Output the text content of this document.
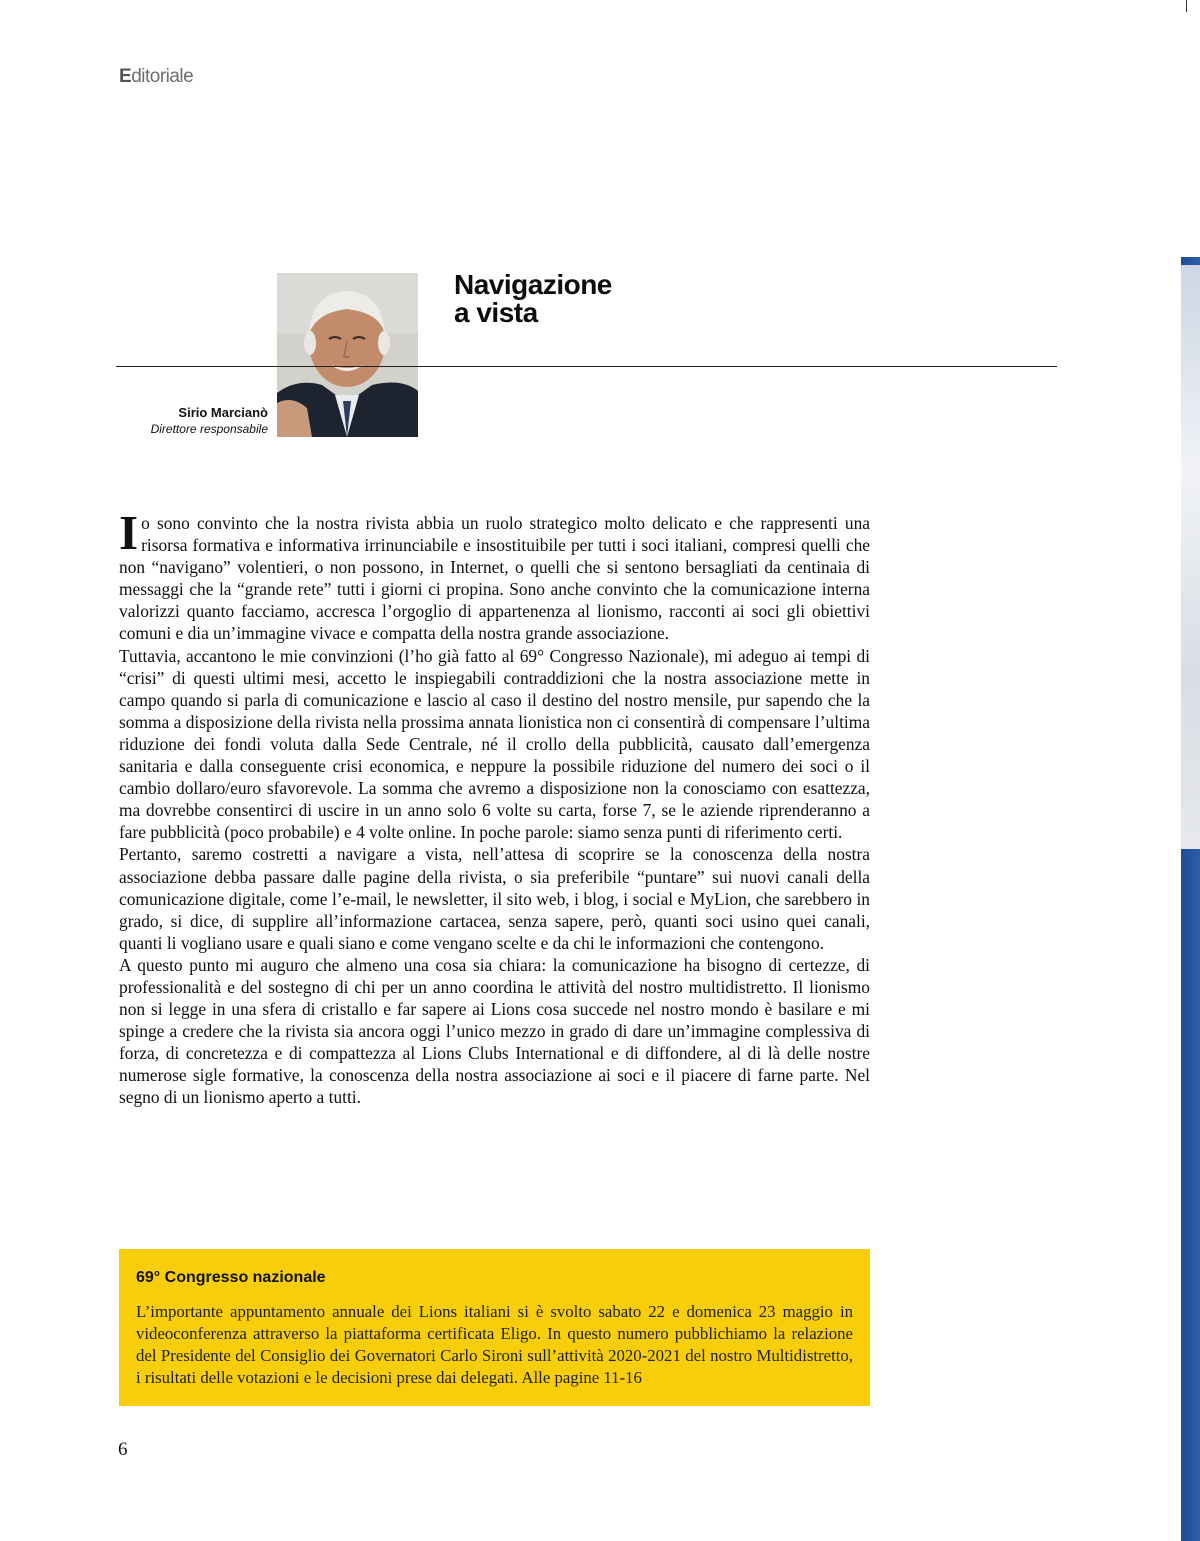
Editoriale
Navigazione
a vista
Sirio Marcianò
Direttore responsabile

Io sono convinto che la nostra rivista abbia un ruolo strategico molto delicato e che rappresenti una risorsa formativa e informativa irrinunciabile e insostituibile per tutti i soci italiani, compresi quelli che non “navigano” volentieri, o non possono, in Internet, o quelli che si sentono bersagliati da centinaia di messaggi che la “grande rete” tutti i giorni ci propina. Sono anche convinto che la comunicazione interna valorizzi quanto facciamo, accresca l’orgoglio di appartenenza al lionismo, racconti ai soci gli obiettivi comuni e dia un’immagine vivace e compatta della nostra grande associazione.

Tuttavia, accantono le mie convinzioni (l’ho già fatto al 69° Congresso Nazionale), mi adeguo ai tempi di “crisi” di questi ultimi mesi, accetto le inspiegabili contraddizioni che la nostra associazione mette in campo quando si parla di comunicazione e lascio al caso il destino del nostro mensile, pur sapendo che la somma a disposizione della rivista nella prossima annata lionistica non ci consentirà di compensare l’ultima riduzione dei fondi voluta dalla Sede Centrale, né il crollo della pubblicità, causato dall’emergenza sanitaria e dalla conseguente crisi economica, e neppure la possibile riduzione del numero dei soci o il cambio dollaro/euro sfavorevole. La somma che avremo a disposizione non la conosciamo con esattezza, ma dovrebbe consentirci di uscire in un anno solo 6 volte su carta, forse 7, se le aziende riprenderanno a fare pubblicità (poco probabile) e 4 volte online. In poche parole: siamo senza punti di riferimento certi.

Pertanto, saremo costretti a navigare a vista, nell’attesa di scoprire se la conoscenza della nostra associazione debba passare dalle pagine della rivista, o sia preferibile “puntare” sui nuovi canali della comunicazione digitale, come l’e-mail, le newsletter, il sito web, i blog, i social e MyLion, che sarebbero in grado, si dice, di supplire all’informazione cartacea, senza sapere, però, quanti soci usino quei canali, quanti li vogliano usare e quali siano e come vengano scelte e da chi le informazioni che contengono.

A questo punto mi auguro che almeno una cosa sia chiara: la comunicazione ha bisogno di certezze, di professionalità e del sostegno di chi per un anno coordina le attività del nostro multidistretto. Il lionismo non si legge in una sfera di cristallo e far sapere ai Lions cosa succede nel nostro mondo è basilare e mi spinge a credere che la rivista sia ancora oggi l’unico mezzo in grado di dare un’immagine complessiva di forza, di concretezza e di compattezza al Lions Clubs International e di diffondere, al di là delle nostre numerose sigle formative, la conoscenza della nostra associazione ai soci e il piacere di farne parte. Nel segno di un lionismo aperto a tutti.

69° Congresso nazionale

L’importante appuntamento annuale dei Lions italiani si è svolto sabato 22 e domenica 23 maggio in videoconferenza attraverso la piattaforma certificata Eligo. In questo numero pubblichiamo la relazione del Presidente del Consiglio dei Governatori Carlo Sironi sull’attività 2020-2021 del nostro Multidistretto, i risultati delle votazioni e le decisioni prese dai delegati. Alle pagine 11-16

6
